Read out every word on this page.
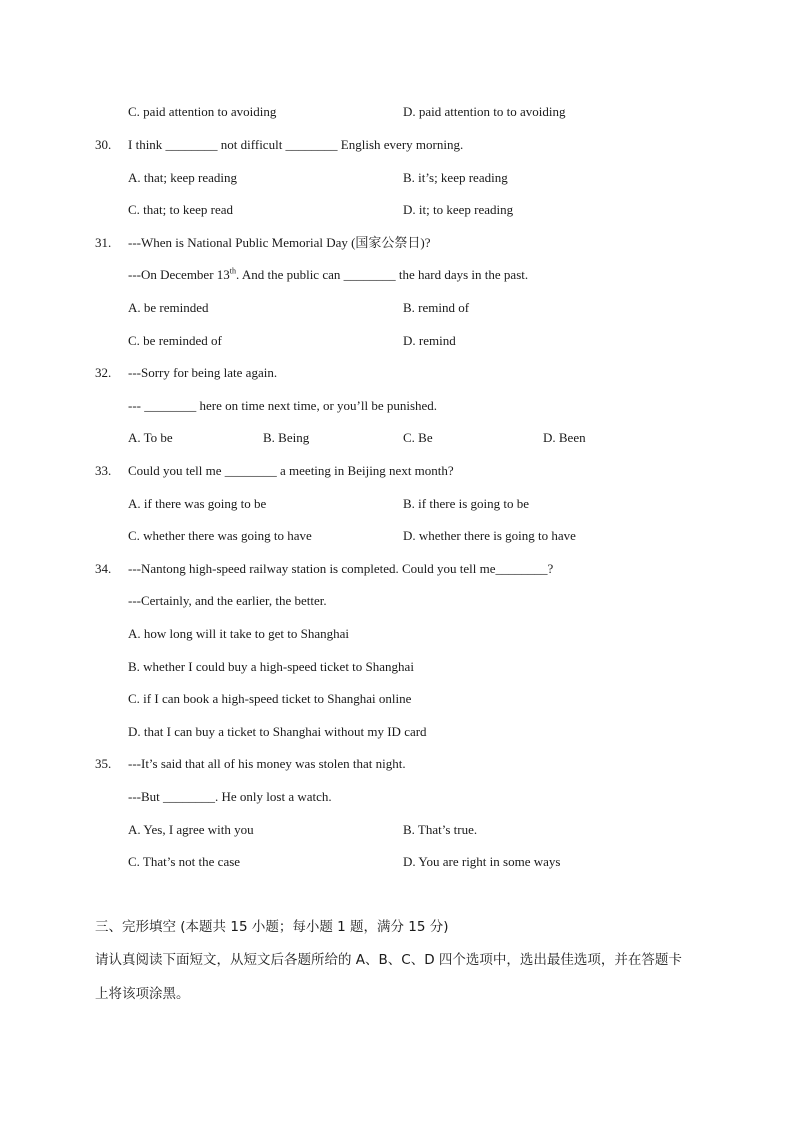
C. paid attention to avoiding	D. paid attention to to avoiding
30. I think ________ not difficult ________ English every morning.
A. that; keep reading	B. it’s; keep reading
C. that; to keep read	D. it; to keep reading
31. ---When is National Public Memorial Day (国家公祭日)?
---On December 13th. And the public can ________ the hard days in the past.
A. be reminded	B. remind of
C. be reminded of	D. remind
32. ---Sorry for being late again.
--- ________ here on time next time, or you’ll be punished.
A. To be	B. Being	C. Be	D. Been
33. Could you tell me ________ a meeting in Beijing next month?
A. if there was going to be	B. if there is going to be
C. whether there was going to have	D. whether there is going to have
34. ---Nantong high-speed railway station is completed. Could you tell me________?
---Certainly, and the earlier, the better.
A. how long will it take to get to Shanghai
B. whether I could buy a high-speed ticket to Shanghai
C. if I can book a high-speed ticket to Shanghai online
D. that I can buy a ticket to Shanghai without my ID card
35. ---It’s said that all of his money was stolen that night.
---But ________. He only lost a watch.
A. Yes, I agree with you	B. That’s true.
C. That’s not the case	D. You are right in some ways
三、完形填空 (本题共 15 小题；每小题 1 题，满分 15 分)
请认真阅读下面短文，从短文后各题所给的 A、B、C、D 四个选项中，选出最佳选项，并在答题卡
上将该项涂黑。
